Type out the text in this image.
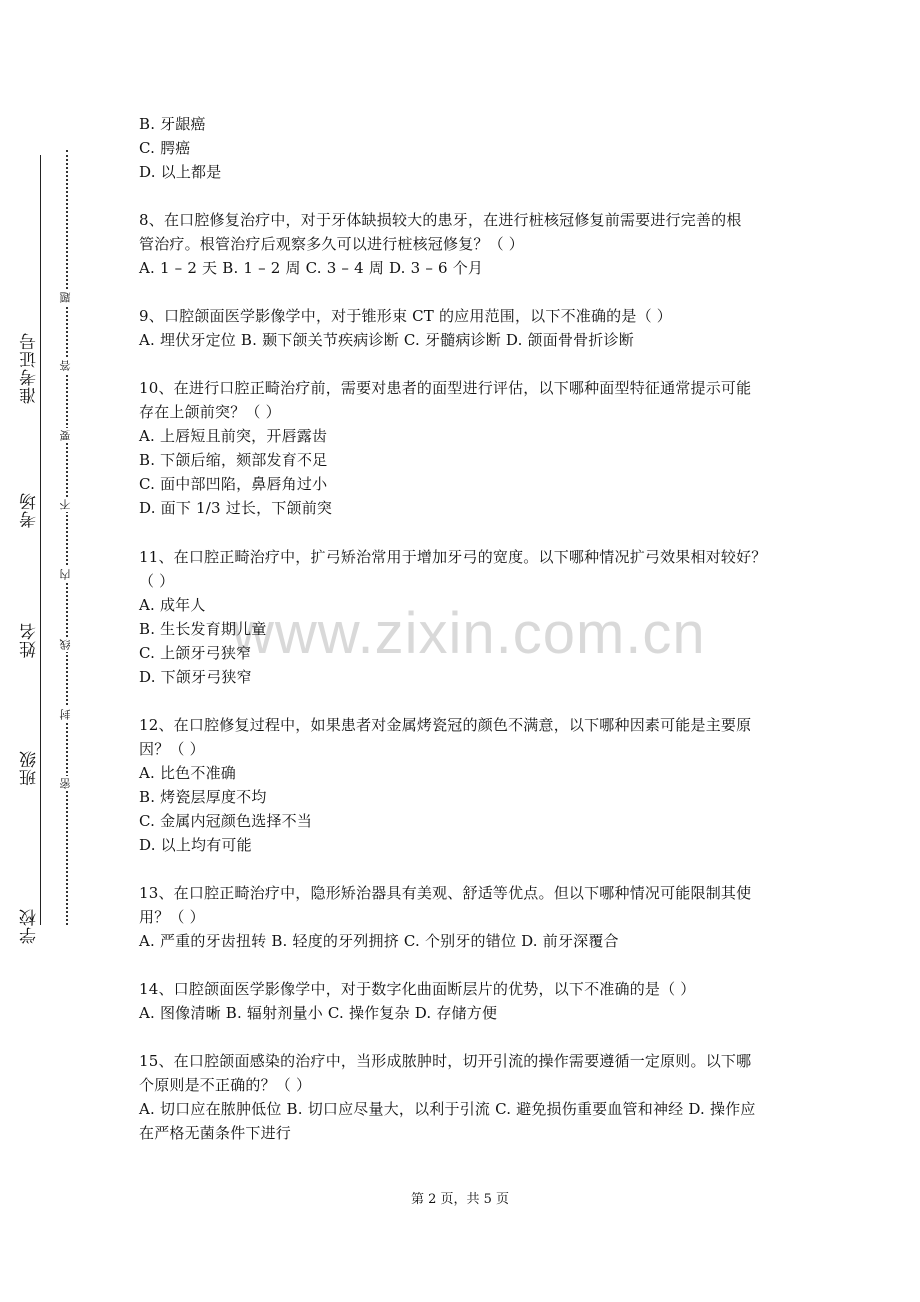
准考证号
考场
姓名
班级
学校
题
答
要
不
内
线
封
密
www.zixin.com.cn
B. 牙龈癌
C. 腭癌
D. 以上都是
8、在口腔修复治疗中，对于牙体缺损较大的患牙，在进行桩核冠修复前需要进行完善的根
管治疗。根管治疗后观察多久可以进行桩核冠修复？（ ）
A. 1 – 2 天 B. 1 – 2 周 C. 3 – 4 周 D. 3 – 6 个月
9、口腔颌面医学影像学中，对于锥形束 CT 的应用范围，以下不准确的是（ ）
A. 埋伏牙定位 B. 颞下颌关节疾病诊断 C. 牙髓病诊断 D. 颌面骨骨折诊断
10、在进行口腔正畸治疗前，需要对患者的面型进行评估，以下哪种面型特征通常提示可能
存在上颌前突？（ ）
A. 上唇短且前突，开唇露齿
B. 下颌后缩，颏部发育不足
C. 面中部凹陷，鼻唇角过小
D. 面下 1/3 过长，下颌前突
11、在口腔正畸治疗中，扩弓矫治常用于增加牙弓的宽度。以下哪种情况扩弓效果相对较好？
（ ）
A. 成年人
B. 生长发育期儿童
C. 上颌牙弓狭窄
D. 下颌牙弓狭窄
12、在口腔修复过程中，如果患者对金属烤瓷冠的颜色不满意，以下哪种因素可能是主要原
因？（ ）
A. 比色不准确
B. 烤瓷层厚度不均
C. 金属内冠颜色选择不当
D. 以上均有可能
13、在口腔正畸治疗中，隐形矫治器具有美观、舒适等优点。但以下哪种情况可能限制其使
用？（ ）
A. 严重的牙齿扭转 B. 轻度的牙列拥挤 C. 个别牙的错位 D. 前牙深覆合
14、口腔颌面医学影像学中，对于数字化曲面断层片的优势，以下不准确的是（ ）
A. 图像清晰 B. 辐射剂量小 C. 操作复杂 D. 存储方便
15、在口腔颌面感染的治疗中，当形成脓肿时，切开引流的操作需要遵循一定原则。以下哪
个原则是不正确的？（ ）
A. 切口应在脓肿低位 B. 切口应尽量大，以利于引流 C. 避免损伤重要血管和神经 D. 操作应
在严格无菌条件下进行
第 2 页，共 5 页
